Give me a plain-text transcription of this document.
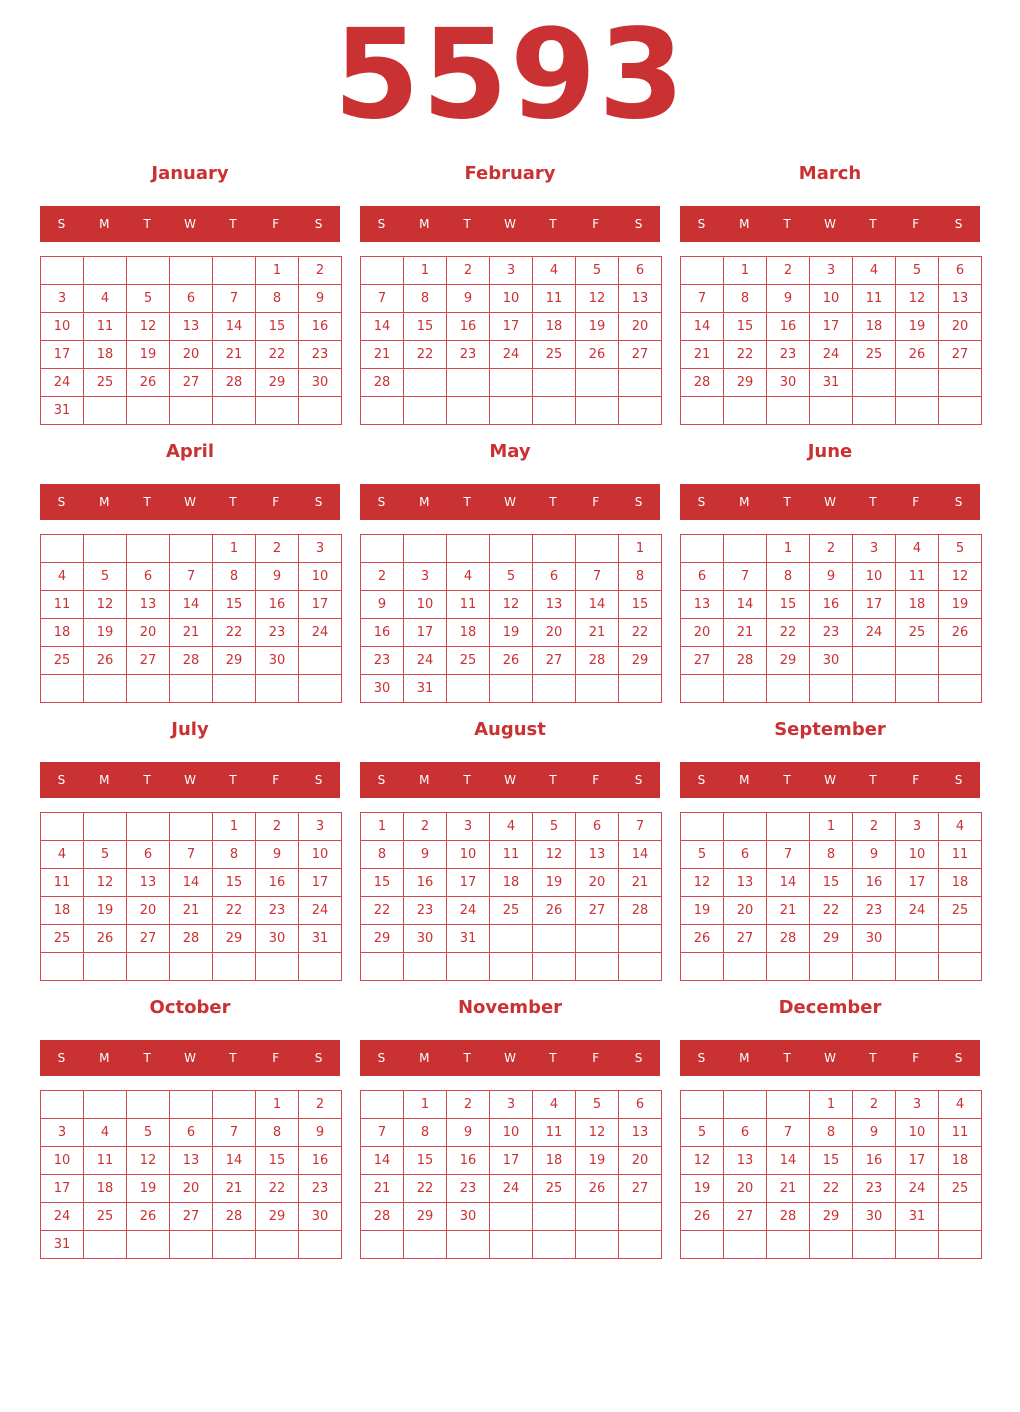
5593
January
S	M	T	W	T	F	S
					1	2
3	4	5	6	7	8	9
10	11	12	13	14	15	16
17	18	19	20	21	22	23
24	25	26	27	28	29	30
31						
February
S	M	T	W	T	F	S
	1	2	3	4	5	6
7	8	9	10	11	12	13
14	15	16	17	18	19	20
21	22	23	24	25	26	27
28						

March
S	M	T	W	T	F	S
	1	2	3	4	5	6
7	8	9	10	11	12	13
14	15	16	17	18	19	20
21	22	23	24	25	26	27
28	29	30	31			

April
S	M	T	W	T	F	S
				1	2	3
4	5	6	7	8	9	10
11	12	13	14	15	16	17
18	19	20	21	22	23	24
25	26	27	28	29	30	

May
S	M	T	W	T	F	S
						1
2	3	4	5	6	7	8
9	10	11	12	13	14	15
16	17	18	19	20	21	22
23	24	25	26	27	28	29
30	31					
June
S	M	T	W	T	F	S
		1	2	3	4	5
6	7	8	9	10	11	12
13	14	15	16	17	18	19
20	21	22	23	24	25	26
27	28	29	30			

July
S	M	T	W	T	F	S
				1	2	3
4	5	6	7	8	9	10
11	12	13	14	15	16	17
18	19	20	21	22	23	24
25	26	27	28	29	30	31

August
S	M	T	W	T	F	S
1	2	3	4	5	6	7
8	9	10	11	12	13	14
15	16	17	18	19	20	21
22	23	24	25	26	27	28
29	30	31				

September
S	M	T	W	T	F	S
			1	2	3	4
5	6	7	8	9	10	11
12	13	14	15	16	17	18
19	20	21	22	23	24	25
26	27	28	29	30		

October
S	M	T	W	T	F	S
					1	2
3	4	5	6	7	8	9
10	11	12	13	14	15	16
17	18	19	20	21	22	23
24	25	26	27	28	29	30
31						
November
S	M	T	W	T	F	S
	1	2	3	4	5	6
7	8	9	10	11	12	13
14	15	16	17	18	19	20
21	22	23	24	25	26	27
28	29	30				

December
S	M	T	W	T	F	S
			1	2	3	4
5	6	7	8	9	10	11
12	13	14	15	16	17	18
19	20	21	22	23	24	25
26	27	28	29	30	31	
